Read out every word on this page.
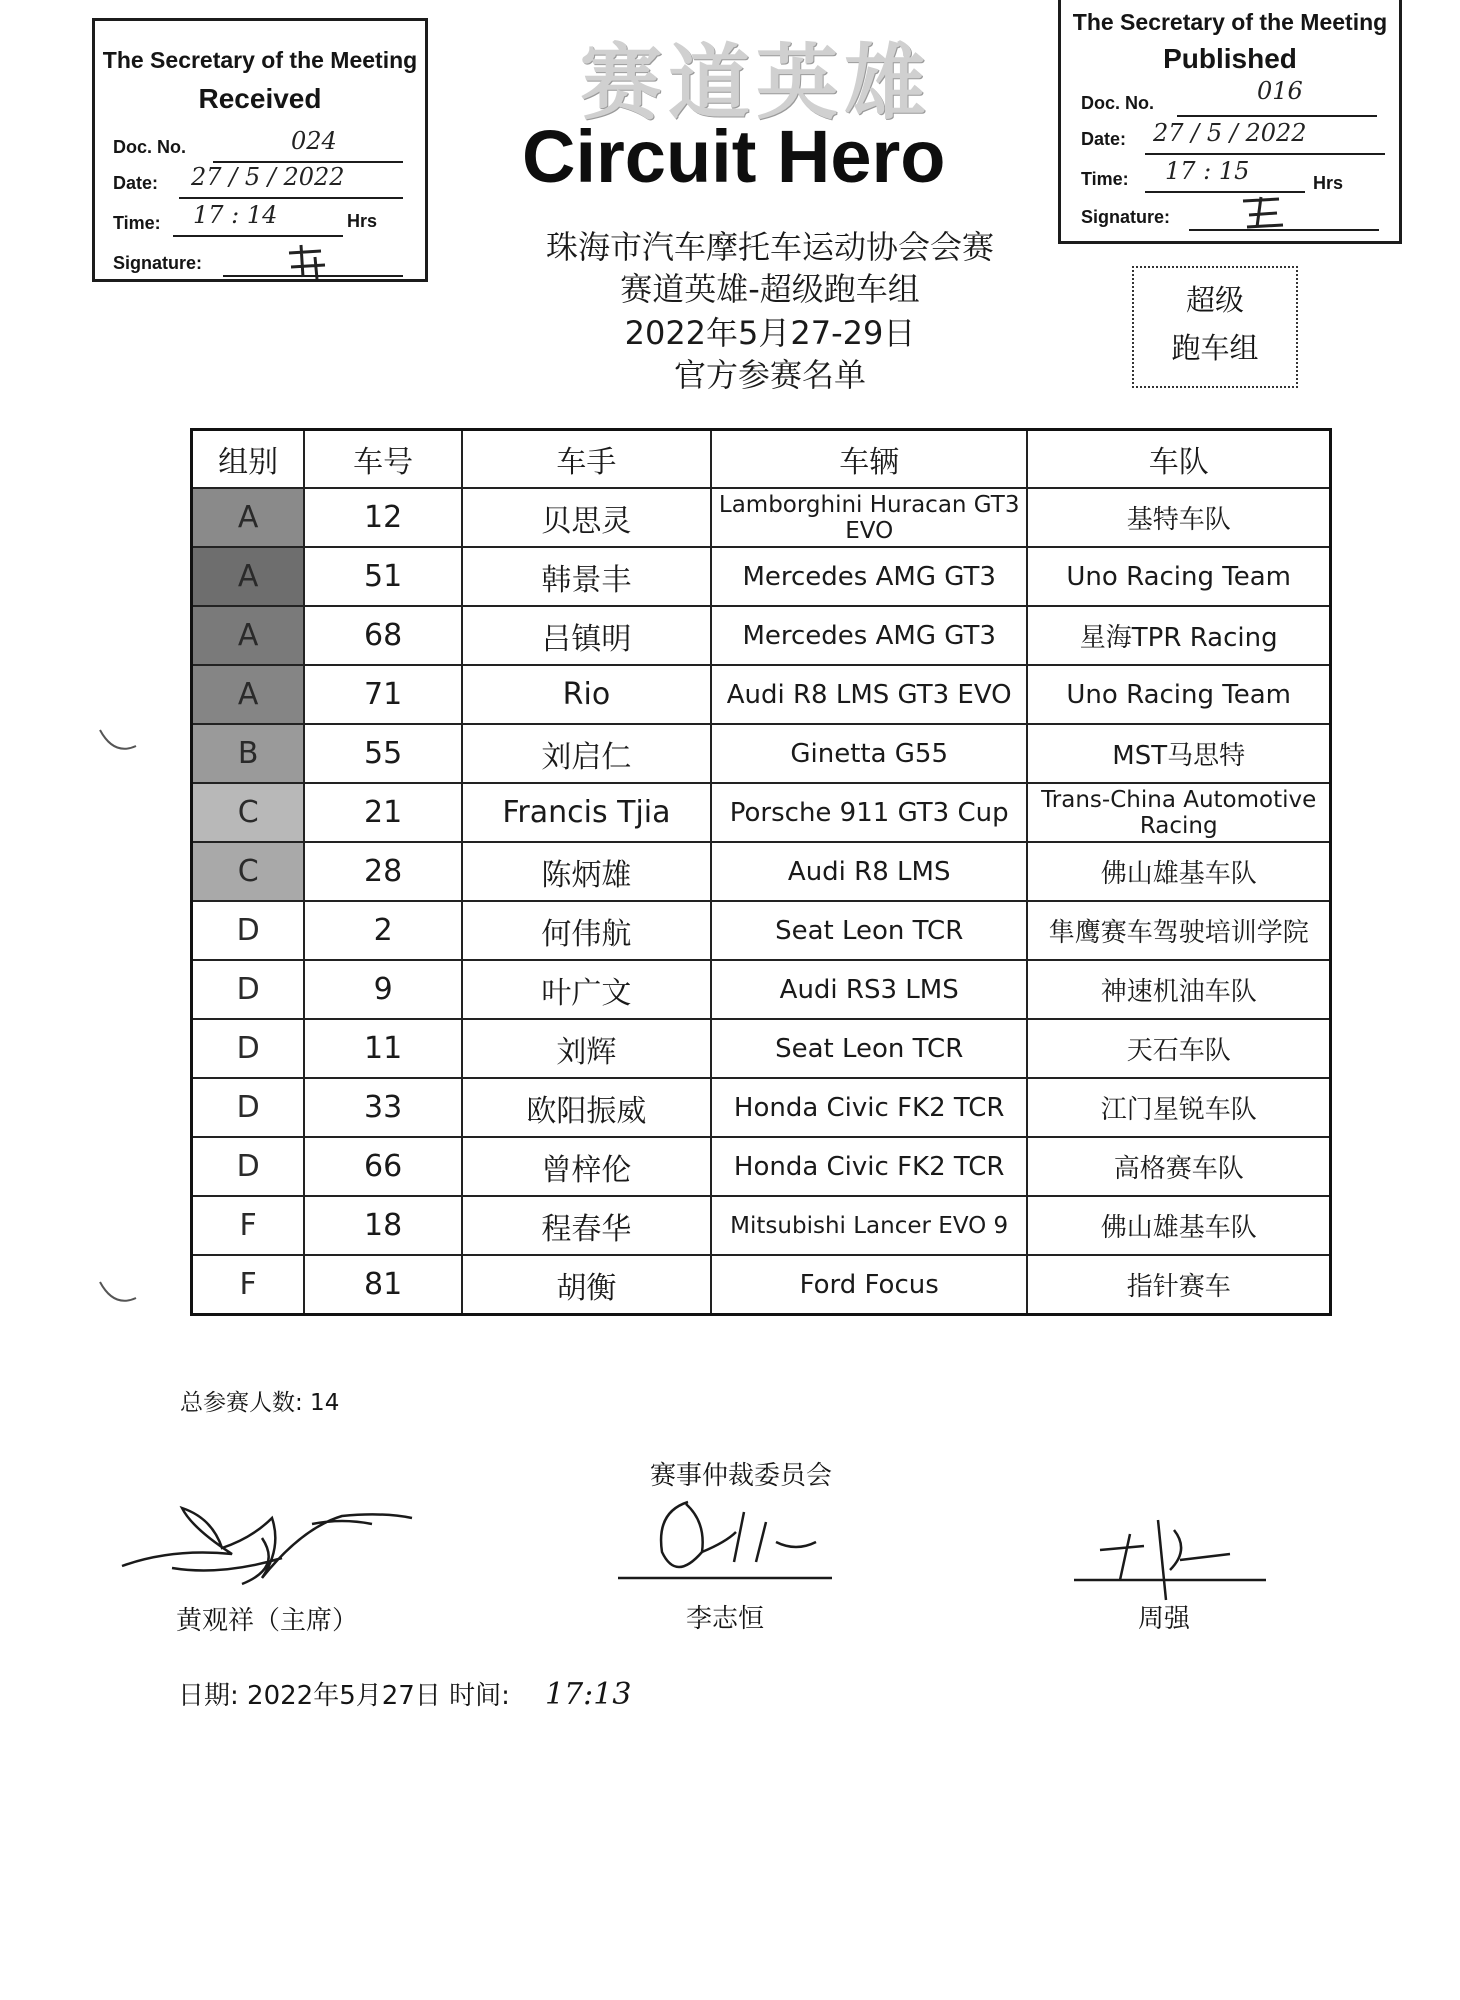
The Secretary of the Meeting
Received
Doc. No.	024
Date: 27 / 5 / 2022
Time: 17 : 14	Hrs
Signature:
The Secretary of the Meeting
Published
Doc. No.	016
Date: 27 / 5 / 2022
Time: 17 : 15	Hrs
Signature:
赛道英雄
Circuit Hero
珠海市汽车摩托车运动协会会赛
赛道英雄-超级跑车组
2022年5月27-29日
官方参赛名单
超级
跑车组
组别	车号	车手	车辆	车队
A	12	贝思灵	Lamborghini Huracan GT3 EVO	基特车队
A	51	韩景丰	Mercedes AMG GT3	Uno Racing Team
A	68	吕镇明	Mercedes AMG GT3	星海TPR Racing
A	71	Rio	Audi R8 LMS GT3 EVO	Uno Racing Team
B	55	刘启仁	Ginetta G55	MST马思特
C	21	Francis Tjia	Porsche 911 GT3 Cup	Trans-China Automotive Racing
C	28	陈炳雄	Audi R8 LMS	佛山雄基车队
D	2	何伟航	Seat Leon TCR	隼鹰赛车驾驶培训学院
D	9	叶广文	Audi RS3 LMS	神速机油车队
D	11	刘辉	Seat Leon TCR	天石车队
D	33	欧阳振威	Honda Civic FK2 TCR	江门星锐车队
D	66	曾梓伦	Honda Civic FK2 TCR	高格赛车队
F	18	程春华	Mitsubishi Lancer EVO 9	佛山雄基车队
F	81	胡衡	Ford Focus	指针赛车
总参赛人数: 14
赛事仲裁委员会
黄观祥（主席）	李志恒	周强
日期: 2022年5月27日 时间: 17:13
